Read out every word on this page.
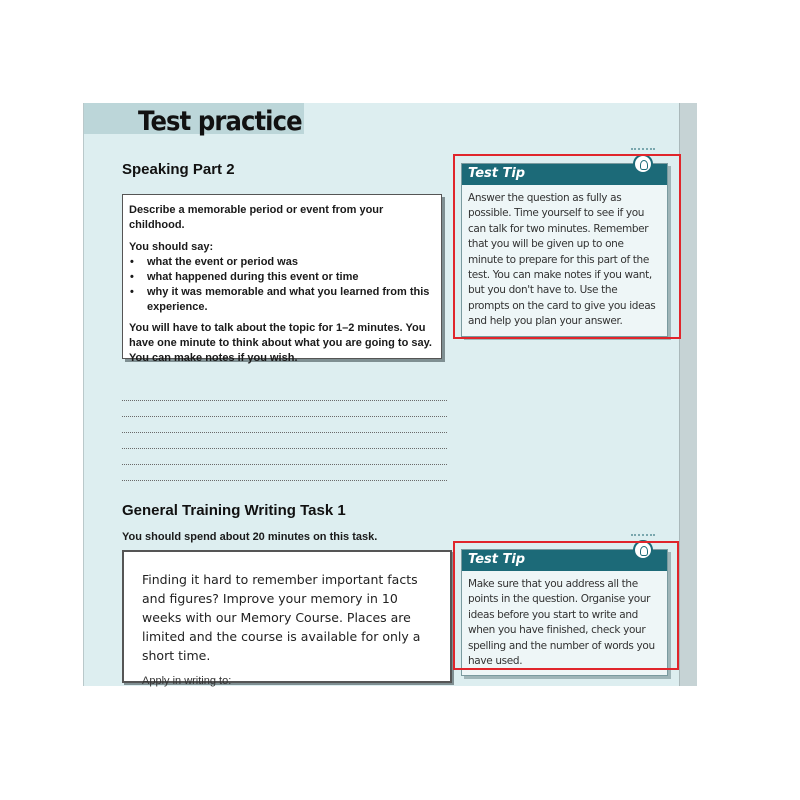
Test practice
Speaking Part 2

Describe a memorable period or event from your childhood.

You should say:

• what the event or period was
• what happened during this event or time
• why it was memorable and what you learned from this experience.

You will have to talk about the topic for 1–2 minutes. You have one minute to think about what you are going to say. You can make notes if you wish.

Test Tip
Answer the question as fully as possible. Time yourself to see if you can talk for two minutes. Remember that you will be given up to one minute to prepare for this part of the test. You can make notes if you want, but you don't have to. Use the prompts on the card to give you ideas and help you plan your answer.
General Training Writing Task 1

You should spend about 20 minutes on this task.

Finding it hard to remember important facts and figures? Improve your memory in 10 weeks with our Memory Course. Places are limited and the course is available for only a short time.

Apply in writing to:

Test Tip
Make sure that you address all the points in the question. Organise your ideas before you start to write and when you have finished, check your spelling and the number of words you have used.
